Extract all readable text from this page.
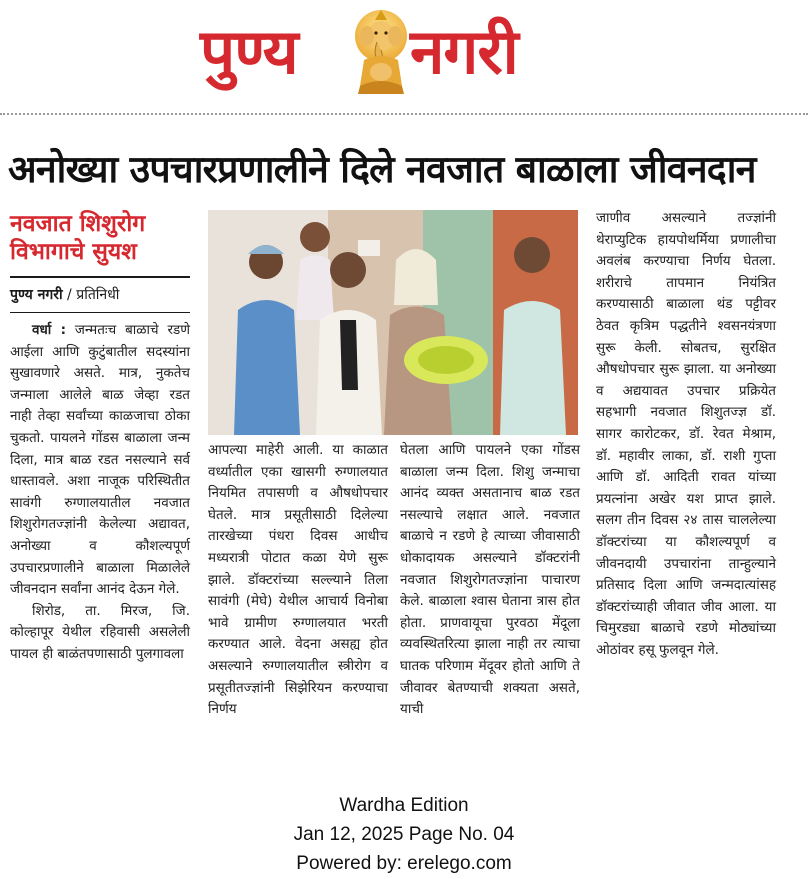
पुण्य नगरी
अनोख्या उपचारप्रणालीने दिले नवजात बाळाला जीवनदान
नवजात शिशुरोग
विभागाचे सुयश
पुण्य नगरी / प्रतिनिधी

वर्धा : जन्मतःच बाळाचे रडणे आईला आणि कुटुंबातील सदस्यांना सुखावणारे असते. मात्र, नुकतेच जन्माला आलेले बाळ जेव्हा रडत नाही तेव्हा सर्वांच्या काळजाचा ठोका चुकतो. पायलने गोंडस बाळाला जन्म दिला, मात्र बाळ रडत नसल्याने सर्व धास्तावले. अशा नाजूक परिस्थितीत सावंगी रुग्णालयातील नवजात शिशुरोगतज्ज्ञांनी केलेल्या अद्यावत, अनोख्या व कौशल्यपूर्ण उपचारप्रणालीने बाळाला मिळालेले जीवनदान सर्वांना आनंद देऊन गेले.

शिरोड, ता. मिरज, जि. कोल्हापूर येथील रहिवासी असलेली पायल ही बाळंतपणासाठी पुलगावला

आपल्या माहेरी आली. या काळात वर्ध्यातील एका खासगी रुग्णालयात नियमित तपासणी व औषधोपचार घेतले. मात्र प्रसूतीसाठी दिलेल्या तारखेच्या पंधरा दिवस आधीच मध्यरात्री पोटात कळा येणे सुरू झाले. डॉक्टरांच्या सल्ल्याने तिला सावंगी (मेघे) येथील आचार्य विनोबा भावे ग्रामीण रुग्णालयात भरती करण्यात आले. वेदना असह्य होत असल्याने रुग्णालयातील स्त्रीरोग व प्रसूतीतज्ज्ञांनी सिझेरियन करण्याचा निर्णय
घेतला आणि पायलने एका गोंडस बाळाला जन्म दिला. शिशु जन्माचा आनंद व्यक्त असतानाच बाळ रडत नसल्याचे लक्षात आले. नवजात बाळाचे न रडणे हे त्याच्या जीवासाठी धोकादायक असल्याने डॉक्टरांनी नवजात शिशुरोगतज्ज्ञांना पाचारण केले. बाळाला श्वास घेताना त्रास होत होता. प्राणवायूचा पुरवठा मेंदूला व्यवस्थितरित्या झाला नाही तर त्याचा घातक परिणाम मेंदूवर होतो आणि ते जीवावर बेतण्याची शक्यता असते, याची
जाणीव असल्याने तज्ज्ञांनी थेराप्युटिक हायपोथर्मिया प्रणालीचा अवलंब करण्याचा निर्णय घेतला. शरीराचे तापमान नियंत्रित करण्यासाठी बाळाला थंड पट्टीवर ठेवत कृत्रिम पद्धतीने श्वसनयंत्रणा सुरू केली. सोबतच, सुरक्षित औषधोपचार सुरू झाला. या अनोख्या व अद्ययावत उपचार प्रक्रियेत सहभागी नवजात शिशुतज्ज्ञ डॉ. सागर कारोटकर, डॉ. रेवत मेश्राम, डॉ. महावीर लाका, डॉ. राशी गुप्ता आणि डॉ. आदिती रावत यांच्या प्रयत्नांना अखेर यश प्राप्त झाले. सलग तीन दिवस २४ तास चाललेल्या डॉक्टरांच्या या कौशल्यपूर्ण व जीवनदायी उपचारांना तान्हुल्याने प्रतिसाद दिला आणि जन्मदात्यांसह डॉक्टरांच्याही जीवात जीव आला. या चिमुरड्या बाळाचे रडणे मोठ्यांच्या ओठांवर हसू फुलवून गेले.
Wardha Edition
Jan 12, 2025 Page No. 04
Powered by: erelego.com
